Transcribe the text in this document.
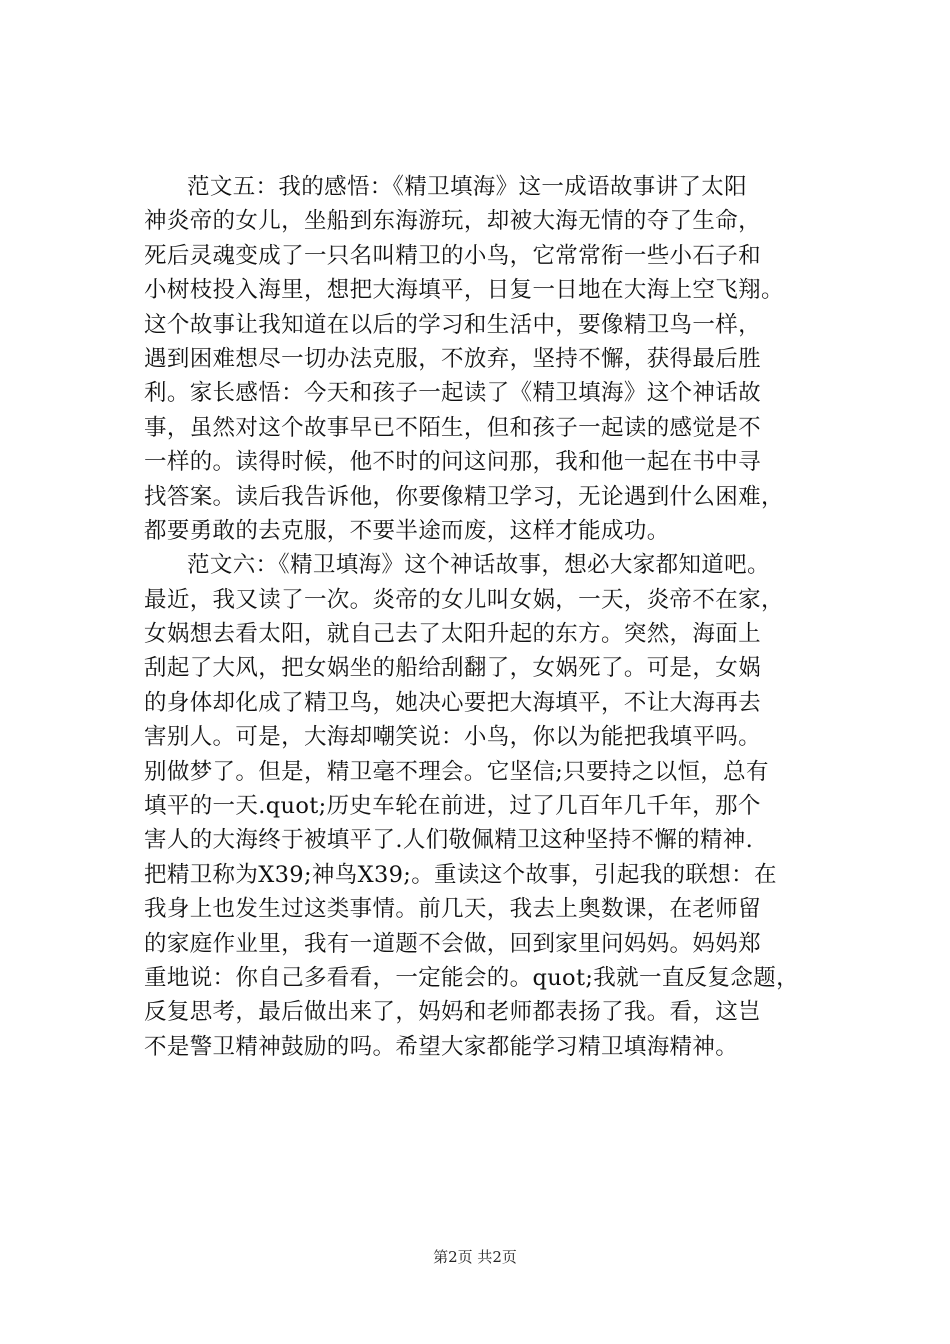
范文五：我的感悟：《精卫填海》这一成语故事讲了太阳
神炎帝的女儿，坐船到东海游玩，却被大海无情的夺了生命，
死后灵魂变成了一只名叫精卫的小鸟，它常常衔一些小石子和
小树枝投入海里，想把大海填平，日复一日地在大海上空飞翔。
这个故事让我知道在以后的学习和生活中，要像精卫鸟一样，
遇到困难想尽一切办法克服，不放弃，坚持不懈，获得最后胜
利。家长感悟：今天和孩子一起读了《精卫填海》这个神话故
事，虽然对这个故事早已不陌生，但和孩子一起读的感觉是不
一样的。读得时候，他不时的问这问那，我和他一起在书中寻
找答案。读后我告诉他，你要像精卫学习，无论遇到什么困难，
都要勇敢的去克服，不要半途而废，这样才能成功。
范文六：《精卫填海》这个神话故事，想必大家都知道吧。
最近，我又读了一次。炎帝的女儿叫女娲，一天，炎帝不在家，
女娲想去看太阳，就自己去了太阳升起的东方。突然，海面上
刮起了大风，把女娲坐的船给刮翻了，女娲死了。可是，女娲
的身体却化成了精卫鸟，她决心要把大海填平，不让大海再去
害别人。可是，大海却嘲笑说：小鸟，你以为能把我填平吗。
别做梦了。但是，精卫毫不理会。它坚信;只要持之以恒，总有
填平的一天.quot;历史车轮在前进，过了几百年几千年，那个
害人的大海终于被填平了.人们敬佩精卫这种坚持不懈的精神.
把精卫称为X39;神鸟X39;。重读这个故事，引起我的联想：在
我身上也发生过这类事情。前几天，我去上奥数课，在老师留
的家庭作业里，我有一道题不会做，回到家里问妈妈。妈妈郑
重地说：你自己多看看，一定能会的。quot;我就一直反复念题，
反复思考，最后做出来了，妈妈和老师都表扬了我。看，这岂
不是警卫精神鼓励的吗。希望大家都能学习精卫填海精神。
第2页 共2页
